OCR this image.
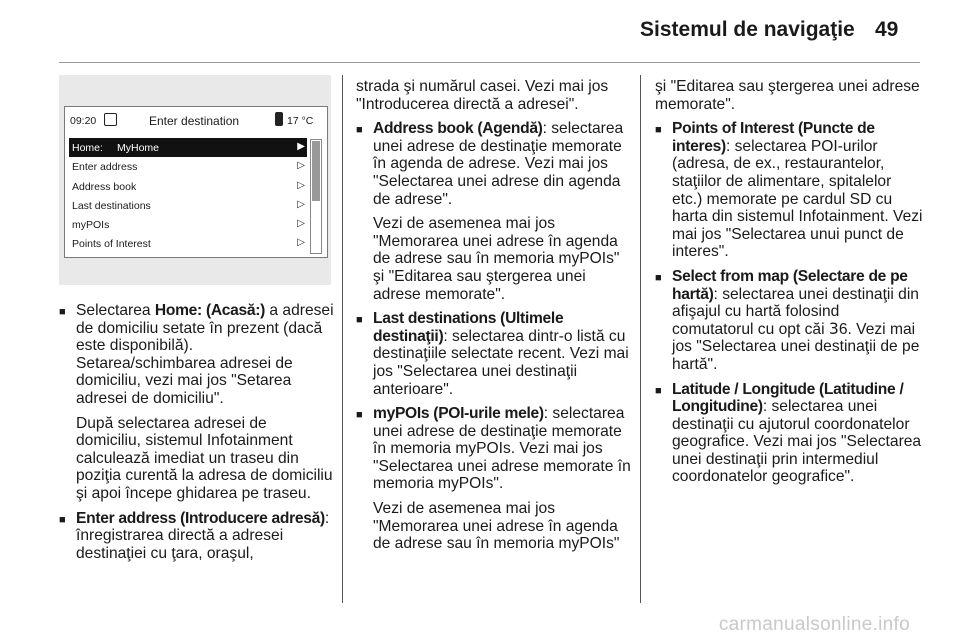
Sistemul de navigaţie 49
09:20	Enter destination	17 °C
Home: MyHome	▶
Enter address	▷
Address book	▷
Last destinations	▷
myPOIs	▷
Points of Interest	▷
■ Selectarea Home: (Acasă:) a adresei de domiciliu setate în prezent (dacă este disponibilă). Setarea/schimbarea adresei de domiciliu, vezi mai jos "Setarea adresei de domiciliu".

După selectarea adresei de domiciliu, sistemul Infotainment calculează imediat un traseu din poziţia curentă la adresa de domiciliu şi apoi începe ghidarea pe traseu.

■ Enter address (Introducere adresă): înregistrarea directă a adresei destinaţiei cu ţara, oraşul,

strada şi numărul casei. Vezi mai jos "Introducerea directă a adresei".

■ Address book (Agendă): selectarea unei adrese de destinaţie memorate în agenda de adrese. Vezi mai jos "Selectarea unei adrese din agenda de adrese".

Vezi de asemenea mai jos "Memorarea unei adrese în agenda de adrese sau în memoria myPOIs" şi "Editarea sau ştergerea unei adrese memorate".

■ Last destinations (Ultimele destinaţii): selectarea dintr-o listă cu destinaţiile selectate recent. Vezi mai jos "Selectarea unei destinaţii anterioare".

■ myPOIs (POI-urile mele): selectarea unei adrese de destinaţie memorate în memoria myPOIs. Vezi mai jos "Selectarea unei adrese memorate în memoria myPOIs".

Vezi de asemenea mai jos "Memorarea unei adrese în agenda de adrese sau în memoria myPOIs"

şi "Editarea sau ştergerea unei adrese memorate".

■ Points of Interest (Puncte de interes): selectarea POI-urilor (adresa, de ex., restaurantelor, staţiilor de alimentare, spitalelor etc.) memorate pe cardul SD cu harta din sistemul Infotainment. Vezi mai jos "Selectarea unui punct de interes".

■ Select from map (Selectare de pe hartă): selectarea unei destinaţii din afişajul cu hartă folosind comutatorul cu opt căi 36. Vezi mai jos "Selectarea unei destinaţii de pe hartă".

■ Latitude / Longitude (Latitudine / Longitudine): selectarea unei destinaţii cu ajutorul coordonatelor geografice. Vezi mai jos "Selectarea unei destinaţii prin intermediul coordonatelor geografice".

carmanualsonline.info
